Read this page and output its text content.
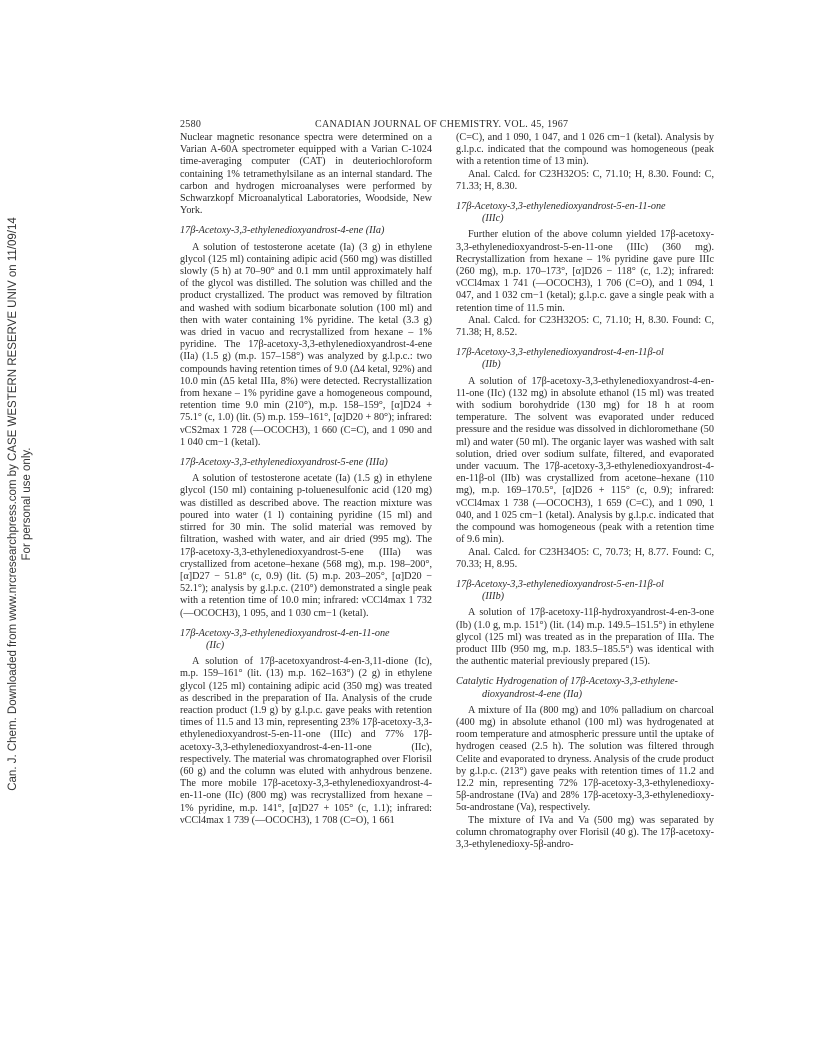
Can. J. Chem. Downloaded from www.nrcresearchpress.com by CASE WESTERN RESERVE UNIV on 11/09/14 For personal use only.
2580	CANADIAN JOURNAL OF CHEMISTRY. VOL. 45, 1967

Nuclear magnetic resonance spectra were determined on a Varian A-60A spectrometer equipped with a Varian C-1024 time-averaging computer (CAT) in deuteriochloroform containing 1% tetramethylsilane as an internal standard. The carbon and hydrogen microanalyses were performed by Schwarzkopf Microanalytical Laboratories, Woodside, New York.

17β-Acetoxy-3,3-ethylenedioxyandrost-4-ene (IIa)

A solution of testosterone acetate (Ia) (3 g) in ethylene glycol (125 ml) containing adipic acid (560 mg) was distilled slowly (5 h) at 70–90° and 0.1 mm until approximately half of the glycol was distilled. The solution was chilled and the product crystallized. The product was removed by filtration and washed with sodium bicarbonate solution (100 ml) and then with water containing 1% pyridine. The ketal (3.3 g) was dried in vacuo and recrystallized from hexane – 1% pyridine. The 17β-acetoxy-3,3-ethylenedioxyandrost-4-ene (IIa) (1.5 g) (m.p. 157–158°) was analyzed by g.l.p.c.: two compounds having retention times of 9.0 (Δ4 ketal, 92%) and 10.0 min (Δ5 ketal IIIa, 8%) were detected. Recrystallization from hexane – 1% pyridine gave a homogeneous compound, retention time 9.0 min (210°), m.p. 158–159°, [α]D24 + 75.1° (c, 1.0) (lit. (5) m.p. 159–161°, [α]D20 + 80°); infrared: νCS2max 1 728 (—OCOCH3), 1 660 (C=C), and 1 090 and 1 040 cm−1 (ketal).

17β-Acetoxy-3,3-ethylenedioxyandrost-5-ene (IIIa)

A solution of testosterone acetate (Ia) (1.5 g) in ethylene glycol (150 ml) containing p-toluenesulfonic acid (120 mg) was distilled as described above. The reaction mixture was poured into water (1 l) containing pyridine (15 ml) and stirred for 30 min. The solid material was removed by filtration, washed with water, and air dried (995 mg). The 17β-acetoxy-3,3-ethylenedioxyandrost-5-ene (IIIa) was crystallized from acetone–hexane (568 mg), m.p. 198–200°, [α]D27 − 51.8° (c, 0.9) (lit. (5) m.p. 203–205°, [α]D20 − 52.1°); analysis by g.l.p.c. (210°) demonstrated a single peak with a retention time of 10.0 min; infrared: νCCl4max 1 732 (—OCOCH3), 1 095, and 1 030 cm−1 (ketal).

17β-Acetoxy-3,3-ethylenedioxyandrost-4-en-11-one
(IIc)

A solution of 17β-acetoxyandrost-4-en-3,11-dione (Ic), m.p. 159–161° (lit. (13) m.p. 162–163°) (2 g) in ethylene glycol (125 ml) containing adipic acid (350 mg) was treated as described in the preparation of IIa. Analysis of the crude reaction product (1.9 g) by g.l.p.c. gave peaks with retention times of 11.5 and 13 min, representing 23% 17β-acetoxy-3,3-ethylenedioxyandrost-5-en-11-one (IIIc) and 77% 17β-acetoxy-3,3-ethylenedioxyandrost-4-en-11-one (IIc), respectively. The material was chromatographed over Florisil (60 g) and the column was eluted with anhydrous benzene. The more mobile 17β-acetoxy-3,3-ethylenedioxyandrost-4-en-11-one (IIc) (800 mg) was recrystallized from hexane – 1% pyridine, m.p. 141°, [α]D27 + 105° (c, 1.1); infrared: νCCl4max 1 739 (—OCOCH3), 1 708 (C=O), 1 661

(C=C), and 1 090, 1 047, and 1 026 cm−1 (ketal). Analysis by g.l.p.c. indicated that the compound was homogeneous (peak with a retention time of 13 min).

Anal. Calcd. for C23H32O5: C, 71.10; H, 8.30. Found: C, 71.33; H, 8.30.

17β-Acetoxy-3,3-ethylenedioxyandrost-5-en-11-one
(IIIc)

Further elution of the above column yielded 17β-acetoxy-3,3-ethylenedioxyandrost-5-en-11-one (IIIc) (360 mg). Recrystallization from hexane – 1% pyridine gave pure IIIc (260 mg), m.p. 170–173°, [α]D26 − 118° (c, 1.2); infrared: νCCl4max 1 741 (—OCOCH3), 1 706 (C=O), and 1 094, 1 047, and 1 032 cm−1 (ketal); g.l.p.c. gave a single peak with a retention time of 11.5 min.

Anal. Calcd. for C23H32O5: C, 71.10; H, 8.30. Found: C, 71.38; H, 8.52.

17β-Acetoxy-3,3-ethylenedioxyandrost-4-en-11β-ol
(IIb)

A solution of 17β-acetoxy-3,3-ethylenedioxyandrost-4-en-11-one (IIc) (132 mg) in absolute ethanol (15 ml) was treated with sodium borohydride (130 mg) for 18 h at room temperature. The solvent was evaporated under reduced pressure and the residue was dissolved in dichloromethane (50 ml) and water (50 ml). The organic layer was washed with salt solution, dried over sodium sulfate, filtered, and evaporated under vacuum. The 17β-acetoxy-3,3-ethylenedioxyandrost-4-en-11β-ol (IIb) was crystallized from acetone–hexane (110 mg), m.p. 169–170.5°, [α]D26 + 115° (c, 0.9); infrared: νCCl4max 1 738 (—OCOCH3), 1 659 (C=C), and 1 090, 1 040, and 1 025 cm−1 (ketal). Analysis by g.l.p.c. indicated that the compound was homogeneous (peak with a retention time of 9.6 min).

Anal. Calcd. for C23H34O5: C, 70.73; H, 8.77. Found: C, 70.33; H, 8.95.

17β-Acetoxy-3,3-ethylenedioxyandrost-5-en-11β-ol
(IIIb)

A solution of 17β-acetoxy-11β-hydroxyandrost-4-en-3-one (Ib) (1.0 g, m.p. 151°) (lit. (14) m.p. 149.5–151.5°) in ethylene glycol (125 ml) was treated as in the preparation of IIIa. The product IIIb (950 mg, m.p. 183.5–185.5°) was identical with the authentic material previously prepared (15).

Catalytic Hydrogenation of 17β-Acetoxy-3,3-ethylene-
dioxyandrost-4-ene (IIa)

A mixture of IIa (800 mg) and 10% palladium on charcoal (400 mg) in absolute ethanol (100 ml) was hydrogenated at room temperature and atmospheric pressure until the uptake of hydrogen ceased (2.5 h). The solution was filtered through Celite and evaporated to dryness. Analysis of the crude product by g.l.p.c. (213°) gave peaks with retention times of 11.2 and 12.2 min, representing 72% 17β-acetoxy-3,3-ethylenedioxy-5β-androstane (IVa) and 28% 17β-acetoxy-3,3-ethylenedioxy-5α-androstane (Va), respectively.

The mixture of IVa and Va (500 mg) was separated by column chromatography over Florisil (40 g). The 17β-acetoxy-3,3-ethylenedioxy-5β-andro-
